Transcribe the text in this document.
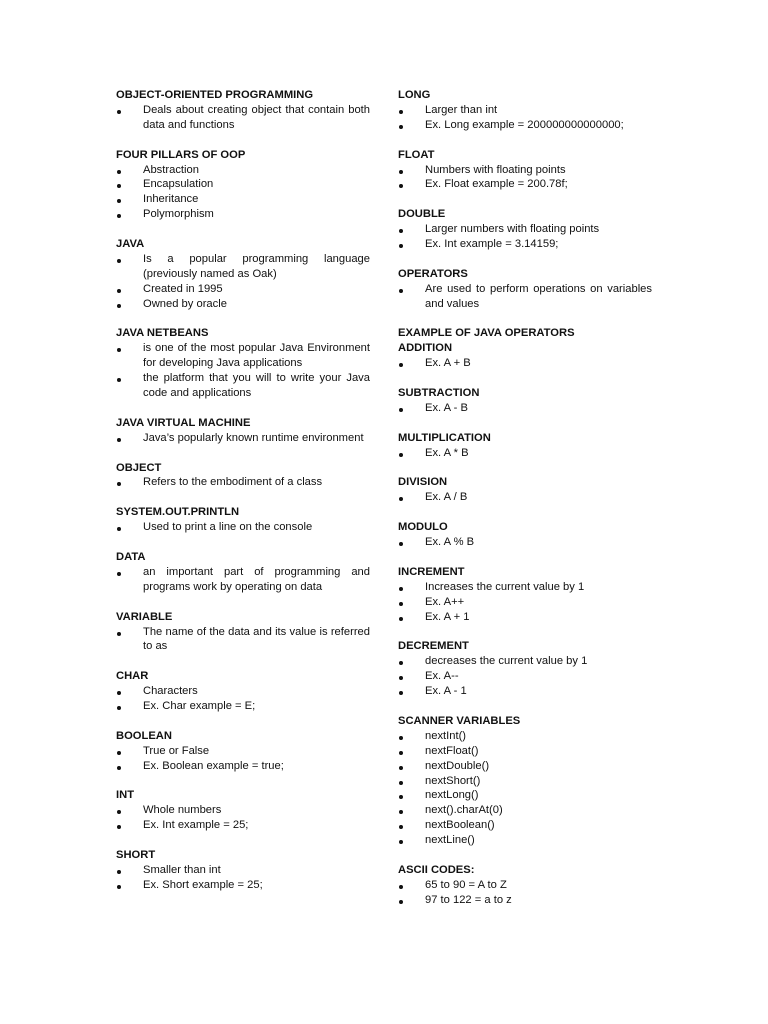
OBJECT-ORIENTED PROGRAMMING
Deals about creating object that contain both data and functions
FOUR PILLARS OF OOP
Abstraction
Encapsulation
Inheritance
Polymorphism
JAVA
Is a popular programming language (previously named as Oak)
Created in 1995
Owned by oracle
JAVA NETBEANS
is one of the most popular Java Environment for developing Java applications
the platform that you will to write your Java code and applications
JAVA VIRTUAL MACHINE
Java’s popularly known runtime environment
OBJECT
Refers to the embodiment of a class
SYSTEM.OUT.PRINTLN
Used to print a line on the console
DATA
an important part of programming and programs work by operating on data
VARIABLE
The name of the data and its value is referred to as
CHAR
Characters
Ex. Char example = E;
BOOLEAN
True or False
Ex. Boolean example = true;
INT
Whole numbers
Ex. Int example = 25;
SHORT
Smaller than int
Ex. Short example = 25;
LONG
Larger than int
Ex. Long example = 200000000000000;
FLOAT
Numbers with floating points
Ex. Float example = 200.78f;
DOUBLE
Larger numbers with floating points
Ex. Int example = 3.14159;
OPERATORS
Are used to perform operations on variables and values
EXAMPLE OF JAVA OPERATORS
ADDITION
Ex. A + B
SUBTRACTION
Ex. A - B
MULTIPLICATION
Ex. A * B
DIVISION
Ex. A / B
MODULO
Ex. A % B
INCREMENT
Increases the current value by 1
Ex. A++
Ex. A + 1
DECREMENT
decreases the current value by 1
Ex. A--
Ex. A - 1
SCANNER VARIABLES
nextInt()
nextFloat()
nextDouble()
nextShort()
nextLong()
next().charAt(0)
nextBoolean()
nextLine()
ASCII CODES:
65 to 90 = A to Z
97 to 122 = a to z
